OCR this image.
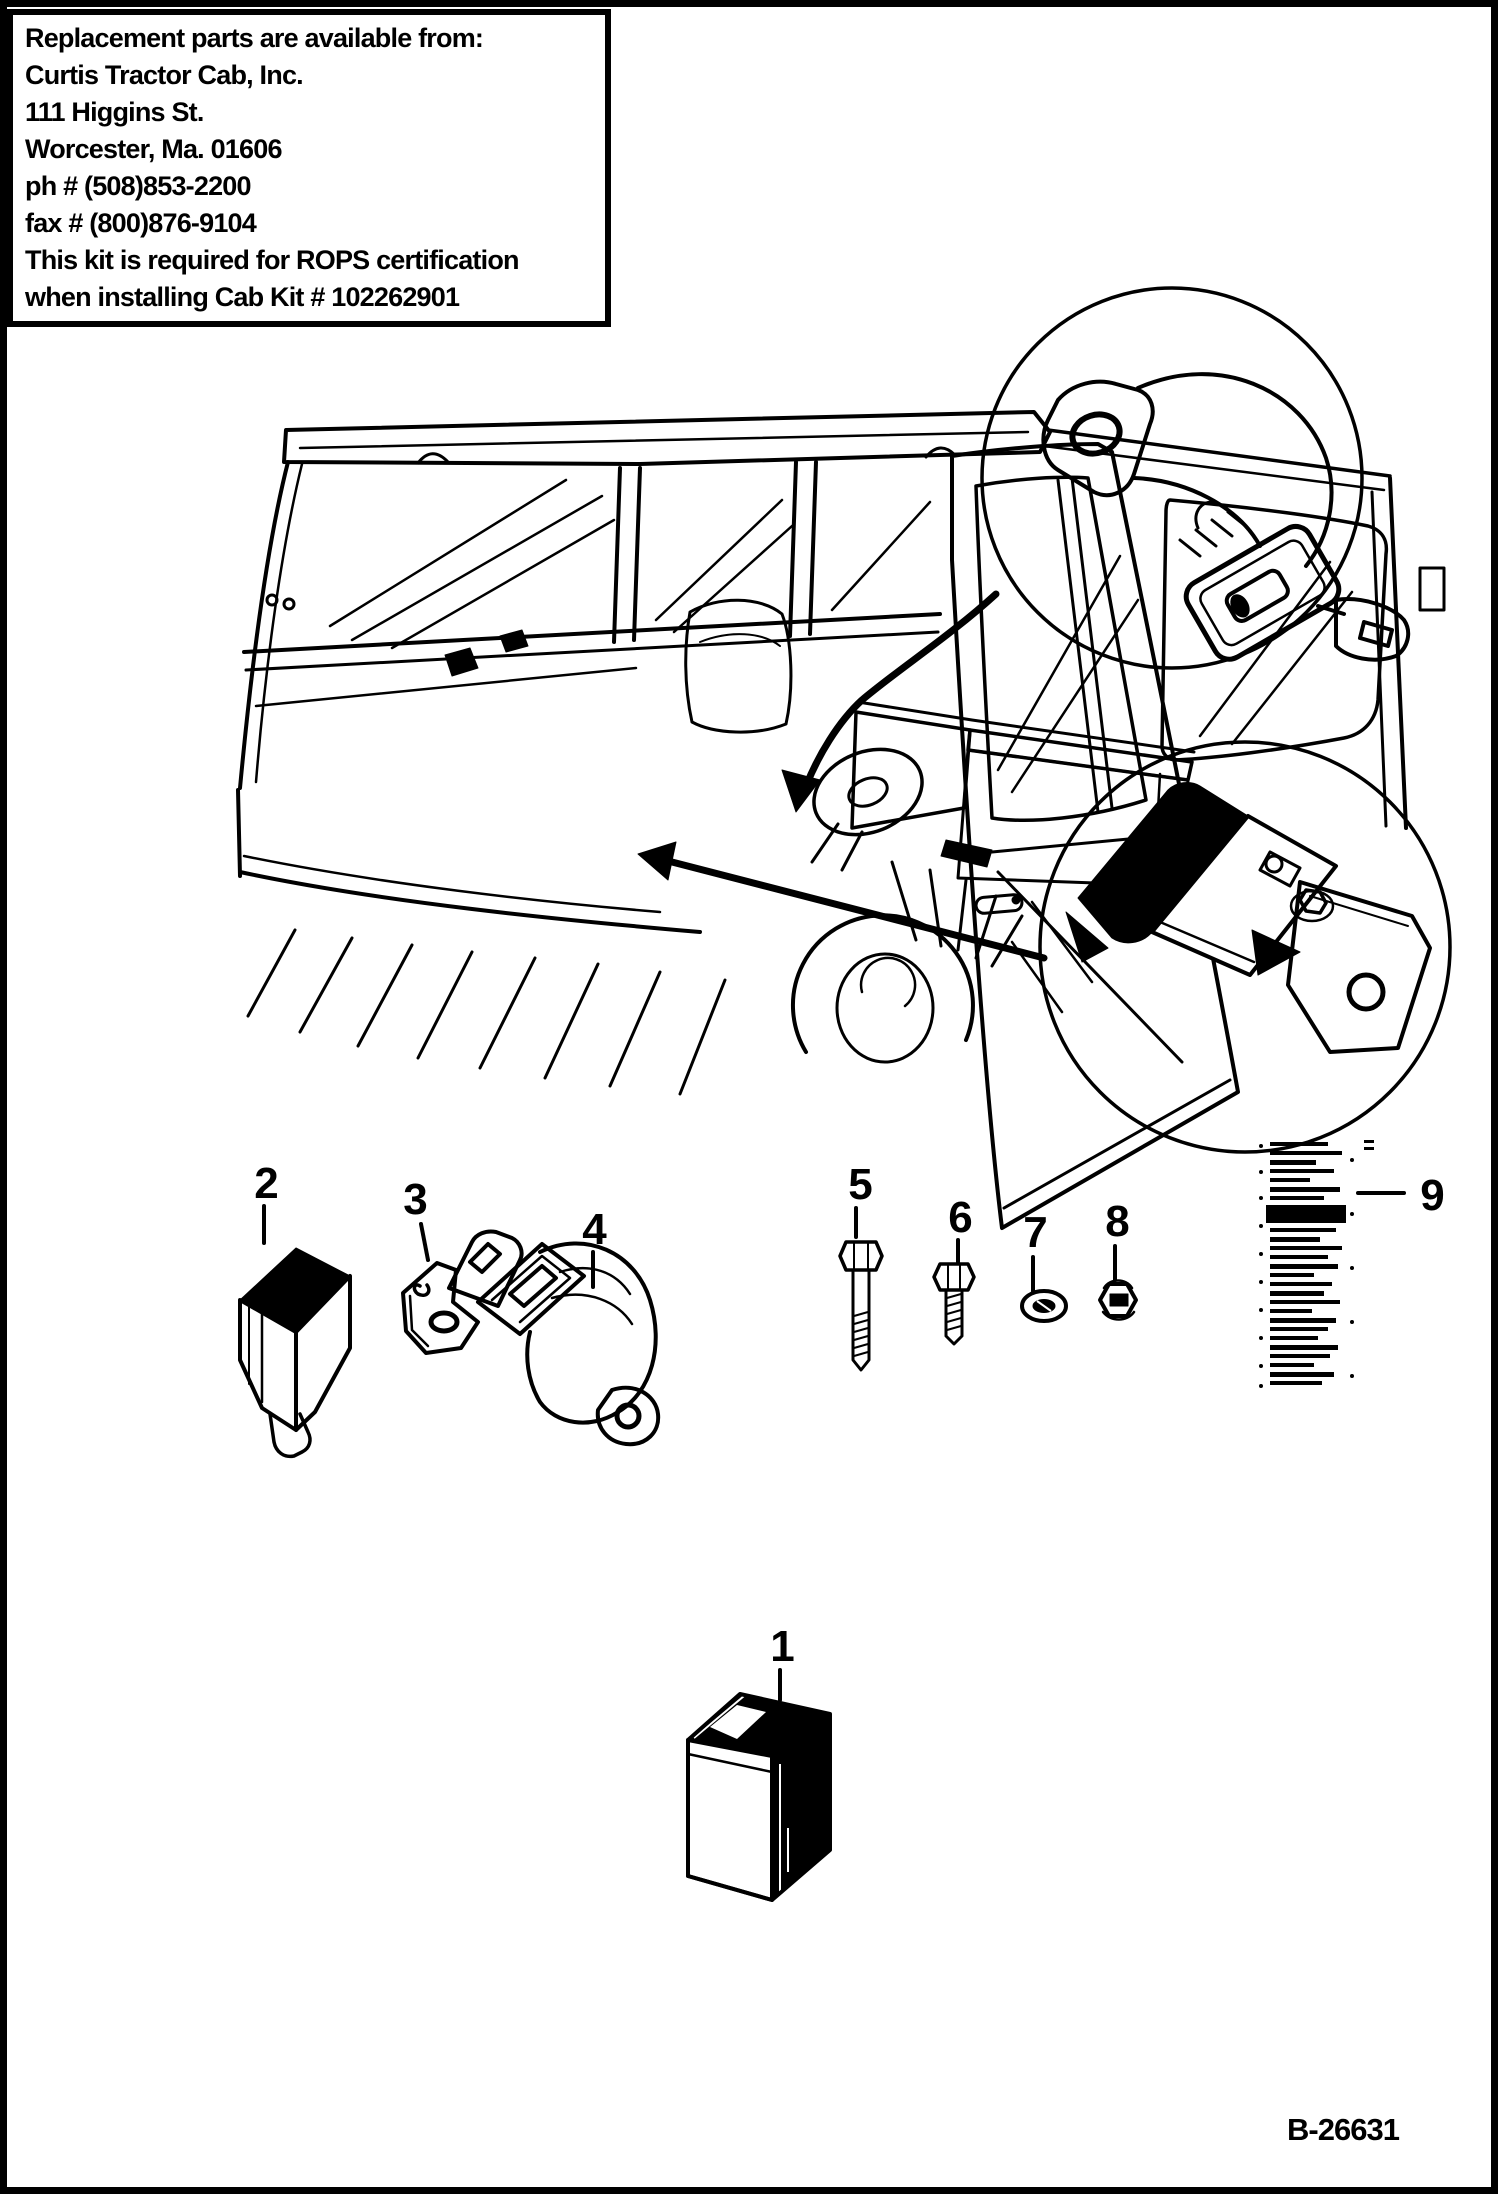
Replacement parts are available from:
Curtis Tractor Cab, Inc.
111 Higgins St.
Worcester, Ma. 01606
ph # (508)853-2200
fax # (800)876-9104
This kit is required for ROPS certification
when installing Cab Kit # 102262901
1
2	3
4
5
6 7 8
9
B-26631
